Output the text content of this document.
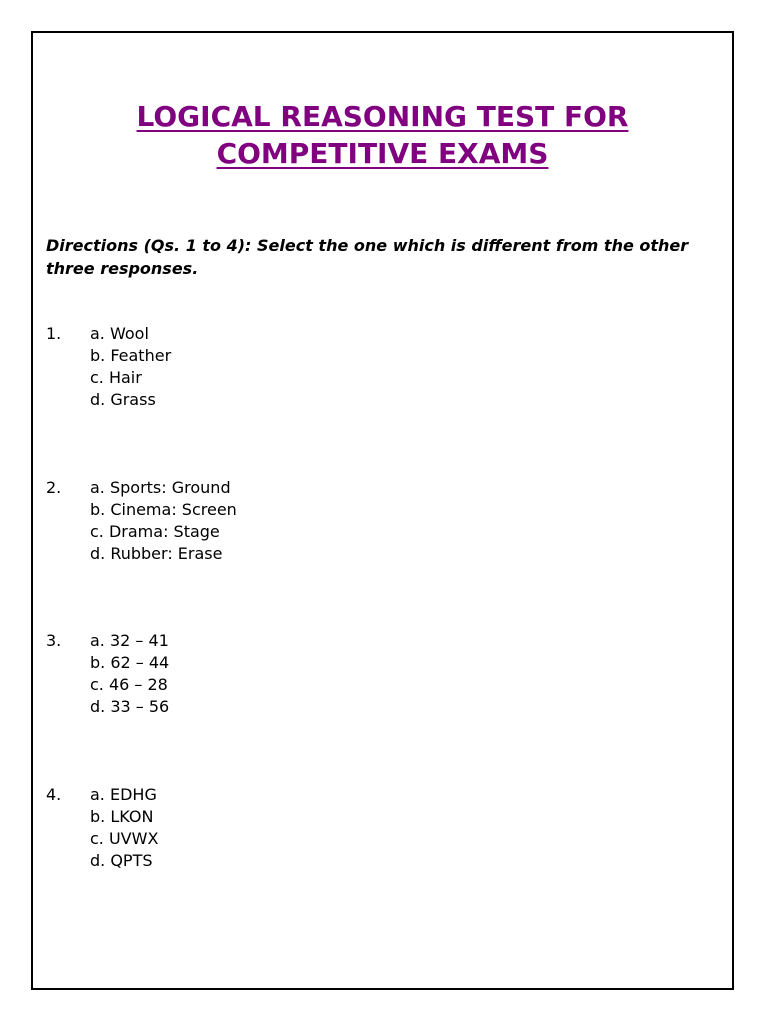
LOGICAL REASONING TEST FOR
COMPETITIVE EXAMS

Directions (Qs. 1 to 4): Select the one which is different from the other three responses.

1.	a. Wool
b. Feather
c. Hair
d. Grass
2.	a. Sports: Ground
b. Cinema: Screen
c. Drama: Stage
d. Rubber: Erase
3.	a. 32 – 41
b. 62 – 44
c. 46 – 28
d. 33 – 56
4.	a. EDHG
b. LKON
c. UVWX
d. QPTS
